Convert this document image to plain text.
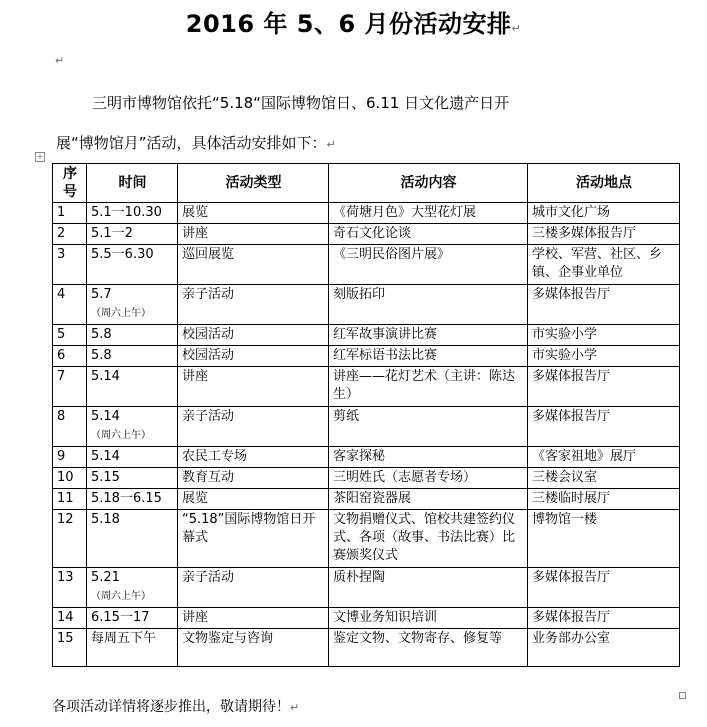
2016 年 5、6 月份活动安排↵
↵
三明市博物馆依托“5.18“国际博物馆日、6.11 日文化遗产日开
展“博物馆月”活动，具体活动安排如下：↵
+
序号	时间	活动类型	活动内容	活动地点
1	5.1一10.30	展览	《荷塘月色》大型花灯展	城市文化广场
2	5.1一2	讲座	奇石文化论谈	三楼多媒体报告厅
3	5.5一6.30	巡回展览	《三明民俗图片展》	学校、军营、社区、乡镇、企事业单位
4	5.7
（周六上午）	亲子活动	刻版拓印	多媒体报告厅
5	5.8	校园活动	红军故事演讲比赛	市实验小学
6	5.8	校园活动	红军标语书法比赛	市实验小学
7	5.14	讲座	讲座——花灯艺术（主讲：陈达生）	多媒体报告厅
8	5.14
（周六上午）	亲子活动	剪纸	多媒体报告厅
9	5.14	农民工专场	客家探秘	《客家祖地》展厅
10	5.15	教育互动	三明姓氏（志愿者专场）	三楼会议室
11	5.18一6.15	展览	茶阳窑瓷器展	三楼临时展厅
12	5.18	“5.18”国际博物馆日开幕式	文物捐赠仪式、馆校共建签约仪式、各项（故事、书法比赛）比赛颁奖仪式	博物馆一楼
13	5.21
（周六上午）	亲子活动	质朴捏陶	多媒体报告厅
14	6.15一17	讲座	文博业务知识培训	多媒体报告厅
15	每周五下午	文物鉴定与咨询	鉴定文物、文物寄存、修复等	业务部办公室
各项活动详情将逐步推出，敬请期待！↵
